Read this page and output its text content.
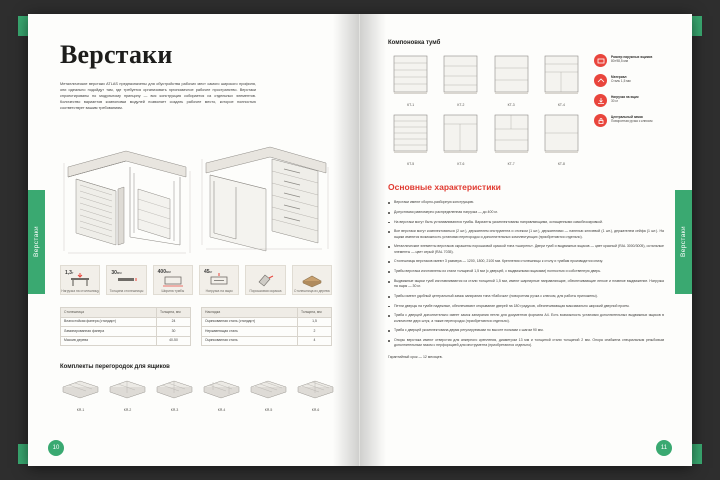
Верстаки
Верстаки
Металлические верстаки ATLAS предназначены для обустройства рабочих мест самого широкого профиля, они идеально подойдут там, где требуется организовать эргономичное рабочее пространство. Верстаки спроектированы по модульному принципу — вся конструкция собирается из отдельных элементов. Количество вариантов компоновки модулей позволяет создать рабочее место, которое полностью соответствует вашим требованиям.
1,3т
Нагрузка на столешницу
30мм
Толщина столешницы
400мм
Ширина тумбы
45кг
Нагрузка на ящик	Порошковая окраска	Столешница из дерева
Столешница	Толщина, мм
Влагостойкая фанера (стандарт)	24
Ламинированная фанера	30
Массив дерева	40-50
Накладка	Толщина, мм
Оцинкованная сталь (стандарт)	1,5
Нержавеющая сталь	2
Оцинкованная сталь	4
Комплекты перегородок для ящиков
КЯ-1	КЯ-2	КЯ-3	КЯ-4	КЯ-5	КЯ-6
10
Верстаки
Компоновка тумб
КТ-1	КТ-2	КТ-3	КТ-4
КТ-5	КТ-6	КТ-7	КТ-8
Размер наружных ящиков
80×98,5 мм
Материал
Сталь 1,5 мм
Нагрузка на ящик
30 кг
Центральный замок
Поворотная ручка с ключом
Основные характеристики
Верстаки имеют сборно-разборную конструкцию.
Допустимая равномерно распределенная нагрузка — до 400 кг.
На верстаки могут быть устанавливаются тумбы. Варианты укомплектованы направляющими, оснащенными самоблокировкой.
Все верстаки могут комплектоваться (2 шт.), держателем инструмента и отсеком (1 шт.), держателями — панелью ключевой (1 шт.), держателем сейфа (1 шт.). На ящики имеются возможность установки перегородок и дополнительных комплектующих (приобретаются отдельно).
Металлические элементы верстаков окрашены порошковой краской типа «шагрень». Двери тумб и выдвижных ящиков — цвет красный (RAL 3000/3005), остальные элементы — цвет серый (RAL 7035).
Столешницы верстаков имеют 3 размера — 1200, 1800, 2100 мм. Крепления столешницы к столу и тумбам производится снизу.
Тумбы верстака изготовлены из стали толщиной 1,5 мм (с дверцей, с выдвижными ящиками) полностью и собственную дверь.
Выдвижные ящики тумб изготавливаются из стали толщиной 1,5 мм, имеют шарнирные направляющие, обеспечивающие легкое и плавное выдвижение. Нагрузка на ящик — 30 кг.
Тумбы имеют удобный центральный замок запирания типа «бабочка» (поворотная ручка с ключом, для работы приложены).
Петли дверцы на тумбе надежные, обеспечивают открывание дверей на 180 градусов, обеспечивающая максимально широкий дверной проем.
Тумба с дверцей дополнительно имеет замок запирания петли для документов формата А4. Есть возможность установки дополнительных выдвижных ящиков в количестве двух штук, а также перегородок (приобретаются отдельно).
Тумба с дверцей укомплектована двумя регулируемыми по высоте полками с шагом 90 мм.
Опоры верстака имеют отверстия для анкерного крепления, диаметром 13 мм и толщиной стали толщиной 2 мм. Опора снабжена специальным резьбовым дополнительным пазом с перфорацией для инструмента (приобретаются отдельно).
Гарантийный срок — 12 месяцев.
11
